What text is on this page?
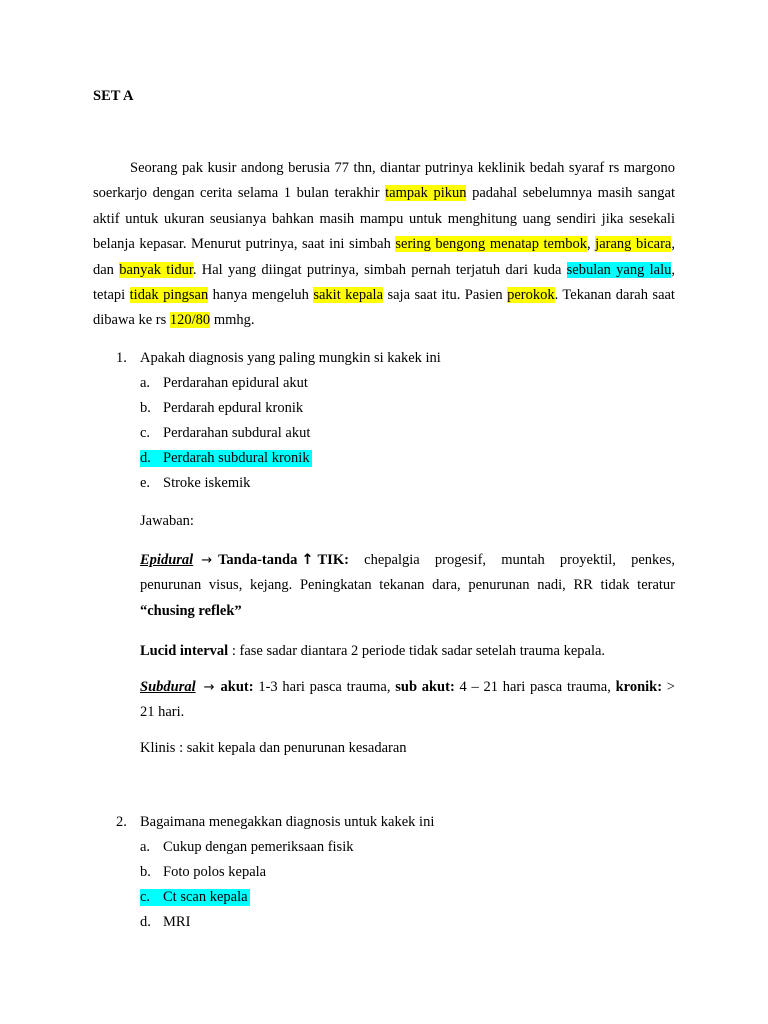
SET A
Seorang pak kusir andong berusia 77 thn, diantar putrinya keklinik bedah syaraf rs margono soerkarjo dengan cerita selama 1 bulan terakhir tampak pikun padahal sebelumnya masih sangat aktif untuk ukuran seusianya bahkan masih mampu untuk menghitung uang sendiri jika sesekali belanja kepasar. Menurut putrinya, saat ini simbah sering bengong menatap tembok, jarang bicara, dan banyak tidur. Hal yang diingat putrinya, simbah pernah terjatuh dari kuda sebulan yang lalu, tetapi tidak pingsan hanya mengeluh sakit kepala saja saat itu. Pasien perokok. Tekanan darah saat dibawa ke rs 120/80 mmhg.
1. Apakah diagnosis yang paling mungkin si kakek ini
a. Perdarahan epidural akut
b. Perdarah epdural kronik
c. Perdarahan subdural akut
d. Perdarah subdural kronik
e. Stroke iskemik
Jawaban:
Epidural → Tanda-tanda ↑ TIK: chepalgia progesif, muntah proyektil, penkes, penurunan visus, kejang. Peningkatan tekanan dara, penurunan nadi, RR tidak teratur “chusing reflek”
Lucid interval : fase sadar diantara 2 periode tidak sadar setelah trauma kepala.
Subdural → akut: 1-3 hari pasca trauma, sub akut: 4 – 21 hari pasca trauma, kronik: > 21 hari.
Klinis : sakit kepala dan penurunan kesadaran
2. Bagaimana menegakkan diagnosis untuk kakek ini
a. Cukup dengan pemeriksaan fisik
b. Foto polos kepala
c. Ct scan kepala
d. MRI
